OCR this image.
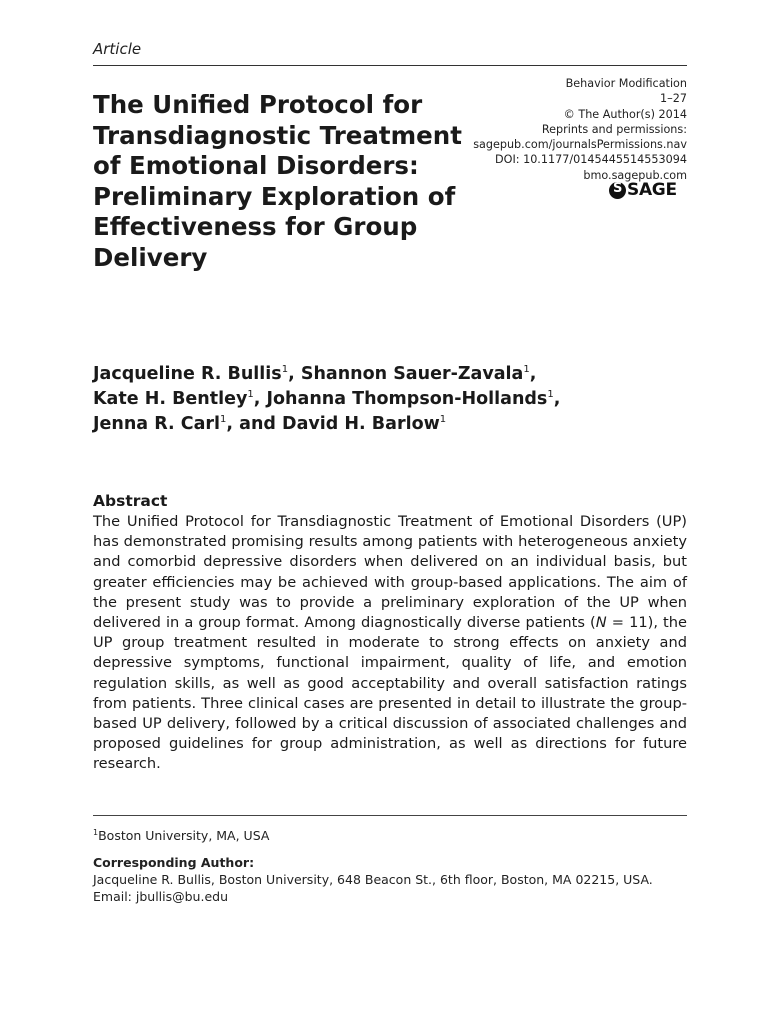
Article
The Unified Protocol for Transdiagnostic Treatment of Emotional Disorders: Preliminary Exploration of Effectiveness for Group Delivery
Behavior Modification
1–27
© The Author(s) 2014
Reprints and permissions:
sagepub.com/journalsPermissions.nav
DOI: 10.1177/0145445514553094
bmo.sagepub.com
S
SAGE
Jacqueline R. Bullis$^1$, Shannon Sauer-Zavala$^1$,
Kate H. Bentley$^1$, Johanna Thompson-Hollands$^1$,
Jenna R. Carl$^1$, and David H. Barlow$^1$
Abstract
The Unified Protocol for Transdiagnostic Treatment of Emotional Disorders (UP) has demonstrated promising results among patients with heterogeneous anxiety and comorbid depressive disorders when delivered on an individual basis, but greater efficiencies may be achieved with group-based applications. The aim of the present study was to provide a preliminary exploration of the UP when delivered in a group format. Among diagnostically diverse patients (N = 11), the UP group treatment resulted in moderate to strong effects on anxiety and depressive symptoms, functional impairment, quality of life, and emotion regulation skills, as well as good acceptability and overall satisfaction ratings from patients. Three clinical cases are presented in detail to illustrate the group-based UP delivery, followed by a critical discussion of associated challenges and proposed guidelines for group administration, as well as directions for future research.
$^1$Boston University, MA, USA
Corresponding Author:
Jacqueline R. Bullis, Boston University, 648 Beacon St., 6th floor, Boston, MA 02215, USA.
Email: jbullis@bu.edu
